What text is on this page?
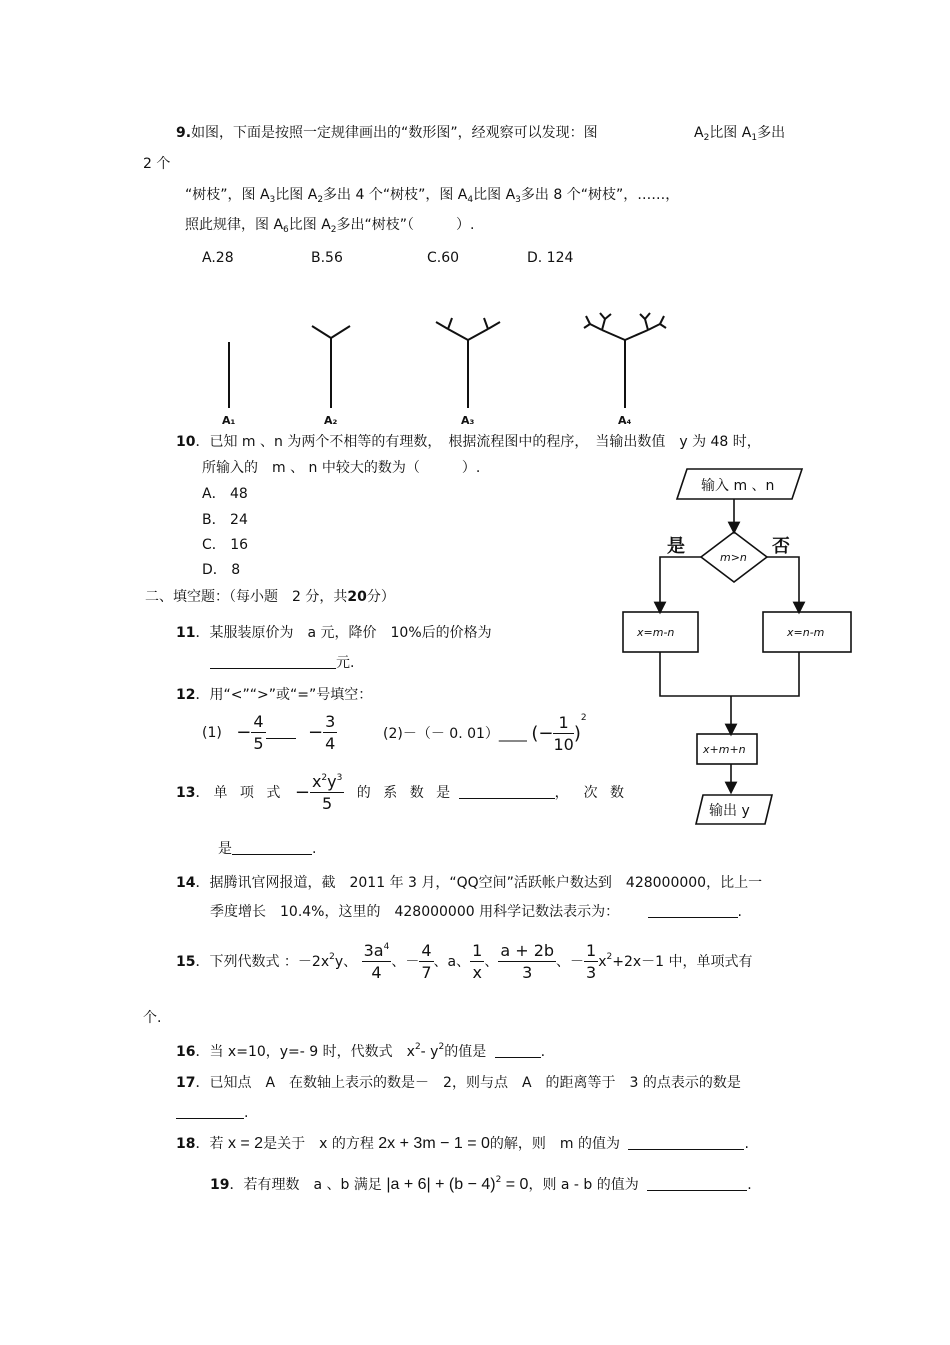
9.如图，下面是按照一定规律画出的“数形图”，经观察可以发现：图	$A_2$比图 $A_1$多出
2 个
“树枝”，图 $A_3$比图 $A_2$多出 4 个“树枝”，图 $A_4$比图 $A_3$多出 8 个“树枝”，……，
照此规律，图 $A_6$比图 $A_2$多出“树枝”（　　　）.
A.28	B.56	C.60	D. 124
A₁	A₂	A₃	A₄
10．已知 m 、n 为两个不相等的有理数，　根据流程图中的程序，　当输出数值　y 为 48 时，
所输入的　m 、 n 中较大的数为（　　　）.
A． 48
B． 24
C． 16
D． 8
输入 m 、n
m>n
是	否
x=m-n	x=n-m
x+m+n
输出 y
二、填空题：（每小题　2 分，共20分）
11．某服装原价为　a 元，降价　10%后的价格为
元.
12．用“<”“>”或“=”号填空：
$(1) - \frac{4}{5} - \frac{3}{4}$	(2)－（－ 0. 01）____ (− $\frac{1}{10} )^2$
13．单 项 式 − $\frac{x^2y^3}{5}$ 的 系 数 是	，　次 数
是	.
14．据腾讯官网报道，截　2011 年 3 月，“QQ空间”活跃帐户数达到　428000000，比上一
季度增长　10.4%，这里的　428000000 用科学记数法表示为：	.
15．下列代数式 ：$-2x^2y$、 $\frac{3a^4}{4}$ 、－ $\frac{4}{7}$ 、a、 $\frac{1}{x}$ 、 $\frac{a + 2b}{3}$ 、－ $\frac{1}{3} x^2+2x-1$ 中，单项式有
个.
16．当 x=10，y=- 9 时，代数式　$x^2-$ $y^2$的值是	.
17．已知点　A　在数轴上表示的数是－　2，则与点　A　的距离等于　3 的点表示的数是
.
18．若 x = 2是关于　x 的方程 2x + 3m − 1 = 0的解，则　m 的值为	.
19．若有理数　a 、b 满足 $|a + 6| + (b - 4)^2 = 0$，则 a - b 的值为	.
